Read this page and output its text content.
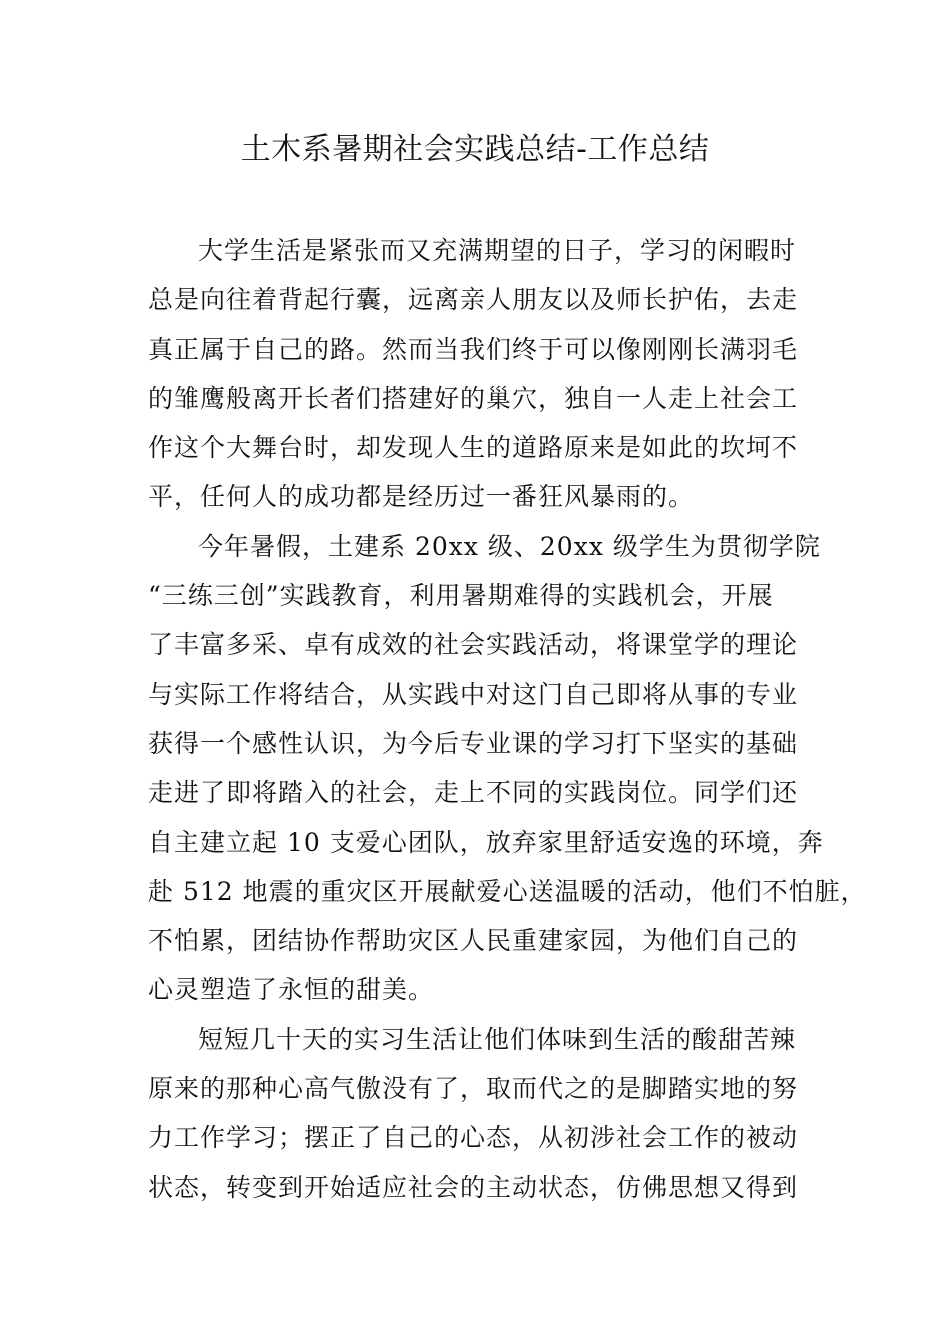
土木系暑期社会实践总结-工作总结
大学生活是紧张而又充满期望的日子，学习的闲暇时
总是向往着背起行囊，远离亲人朋友以及师长护佑，去走
真正属于自己的路。然而当我们终于可以像刚刚长满羽毛
的雏鹰般离开长者们搭建好的巢穴，独自一人走上社会工
作这个大舞台时，却发现人生的道路原来是如此的坎坷不
平，任何人的成功都是经历过一番狂风暴雨的。
今年暑假，土建系 20xx 级、20xx 级学生为贯彻学院
“三练三创”实践教育，利用暑期难得的实践机会，开展
了丰富多采、卓有成效的社会实践活动，将课堂学的理论
与实际工作将结合，从实践中对这门自己即将从事的专业
获得一个感性认识，为今后专业课的学习打下坚实的基础
走进了即将踏入的社会，走上不同的实践岗位。同学们还
自主建立起 10 支爱心团队，放弃家里舒适安逸的环境，奔
赴 512 地震的重灾区开展献爱心送温暖的活动，他们不怕脏，
不怕累，团结协作帮助灾区人民重建家园，为他们自己的
心灵塑造了永恒的甜美。
短短几十天的实习生活让他们体味到生活的酸甜苦辣
原来的那种心高气傲没有了，取而代之的是脚踏实地的努
力工作学习；摆正了自己的心态，从初涉社会工作的被动
状态，转变到开始适应社会的主动状态，仿佛思想又得到
